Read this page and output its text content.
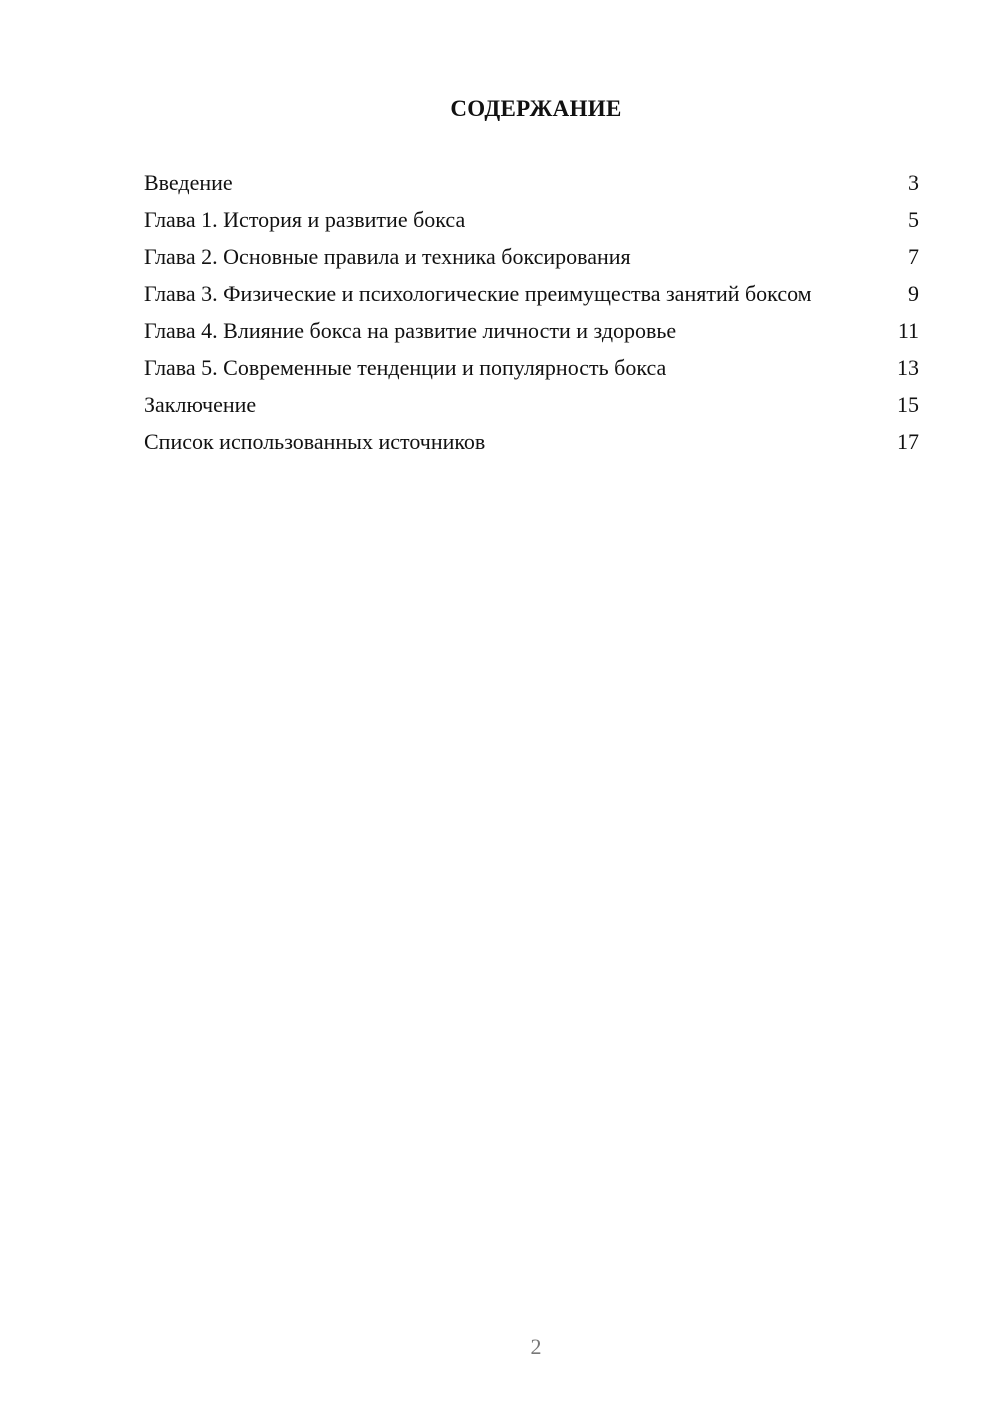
СОДЕРЖАНИЕ
Введение	3
Глава 1. История и развитие бокса	5
Глава 2. Основные правила и техника боксирования	7
Глава 3. Физические и психологические преимущества занятий боксом	9
Глава 4. Влияние бокса на развитие личности и здоровье	11
Глава 5. Современные тенденции и популярность бокса	13
Заключение	15
Список использованных источников	17
2
